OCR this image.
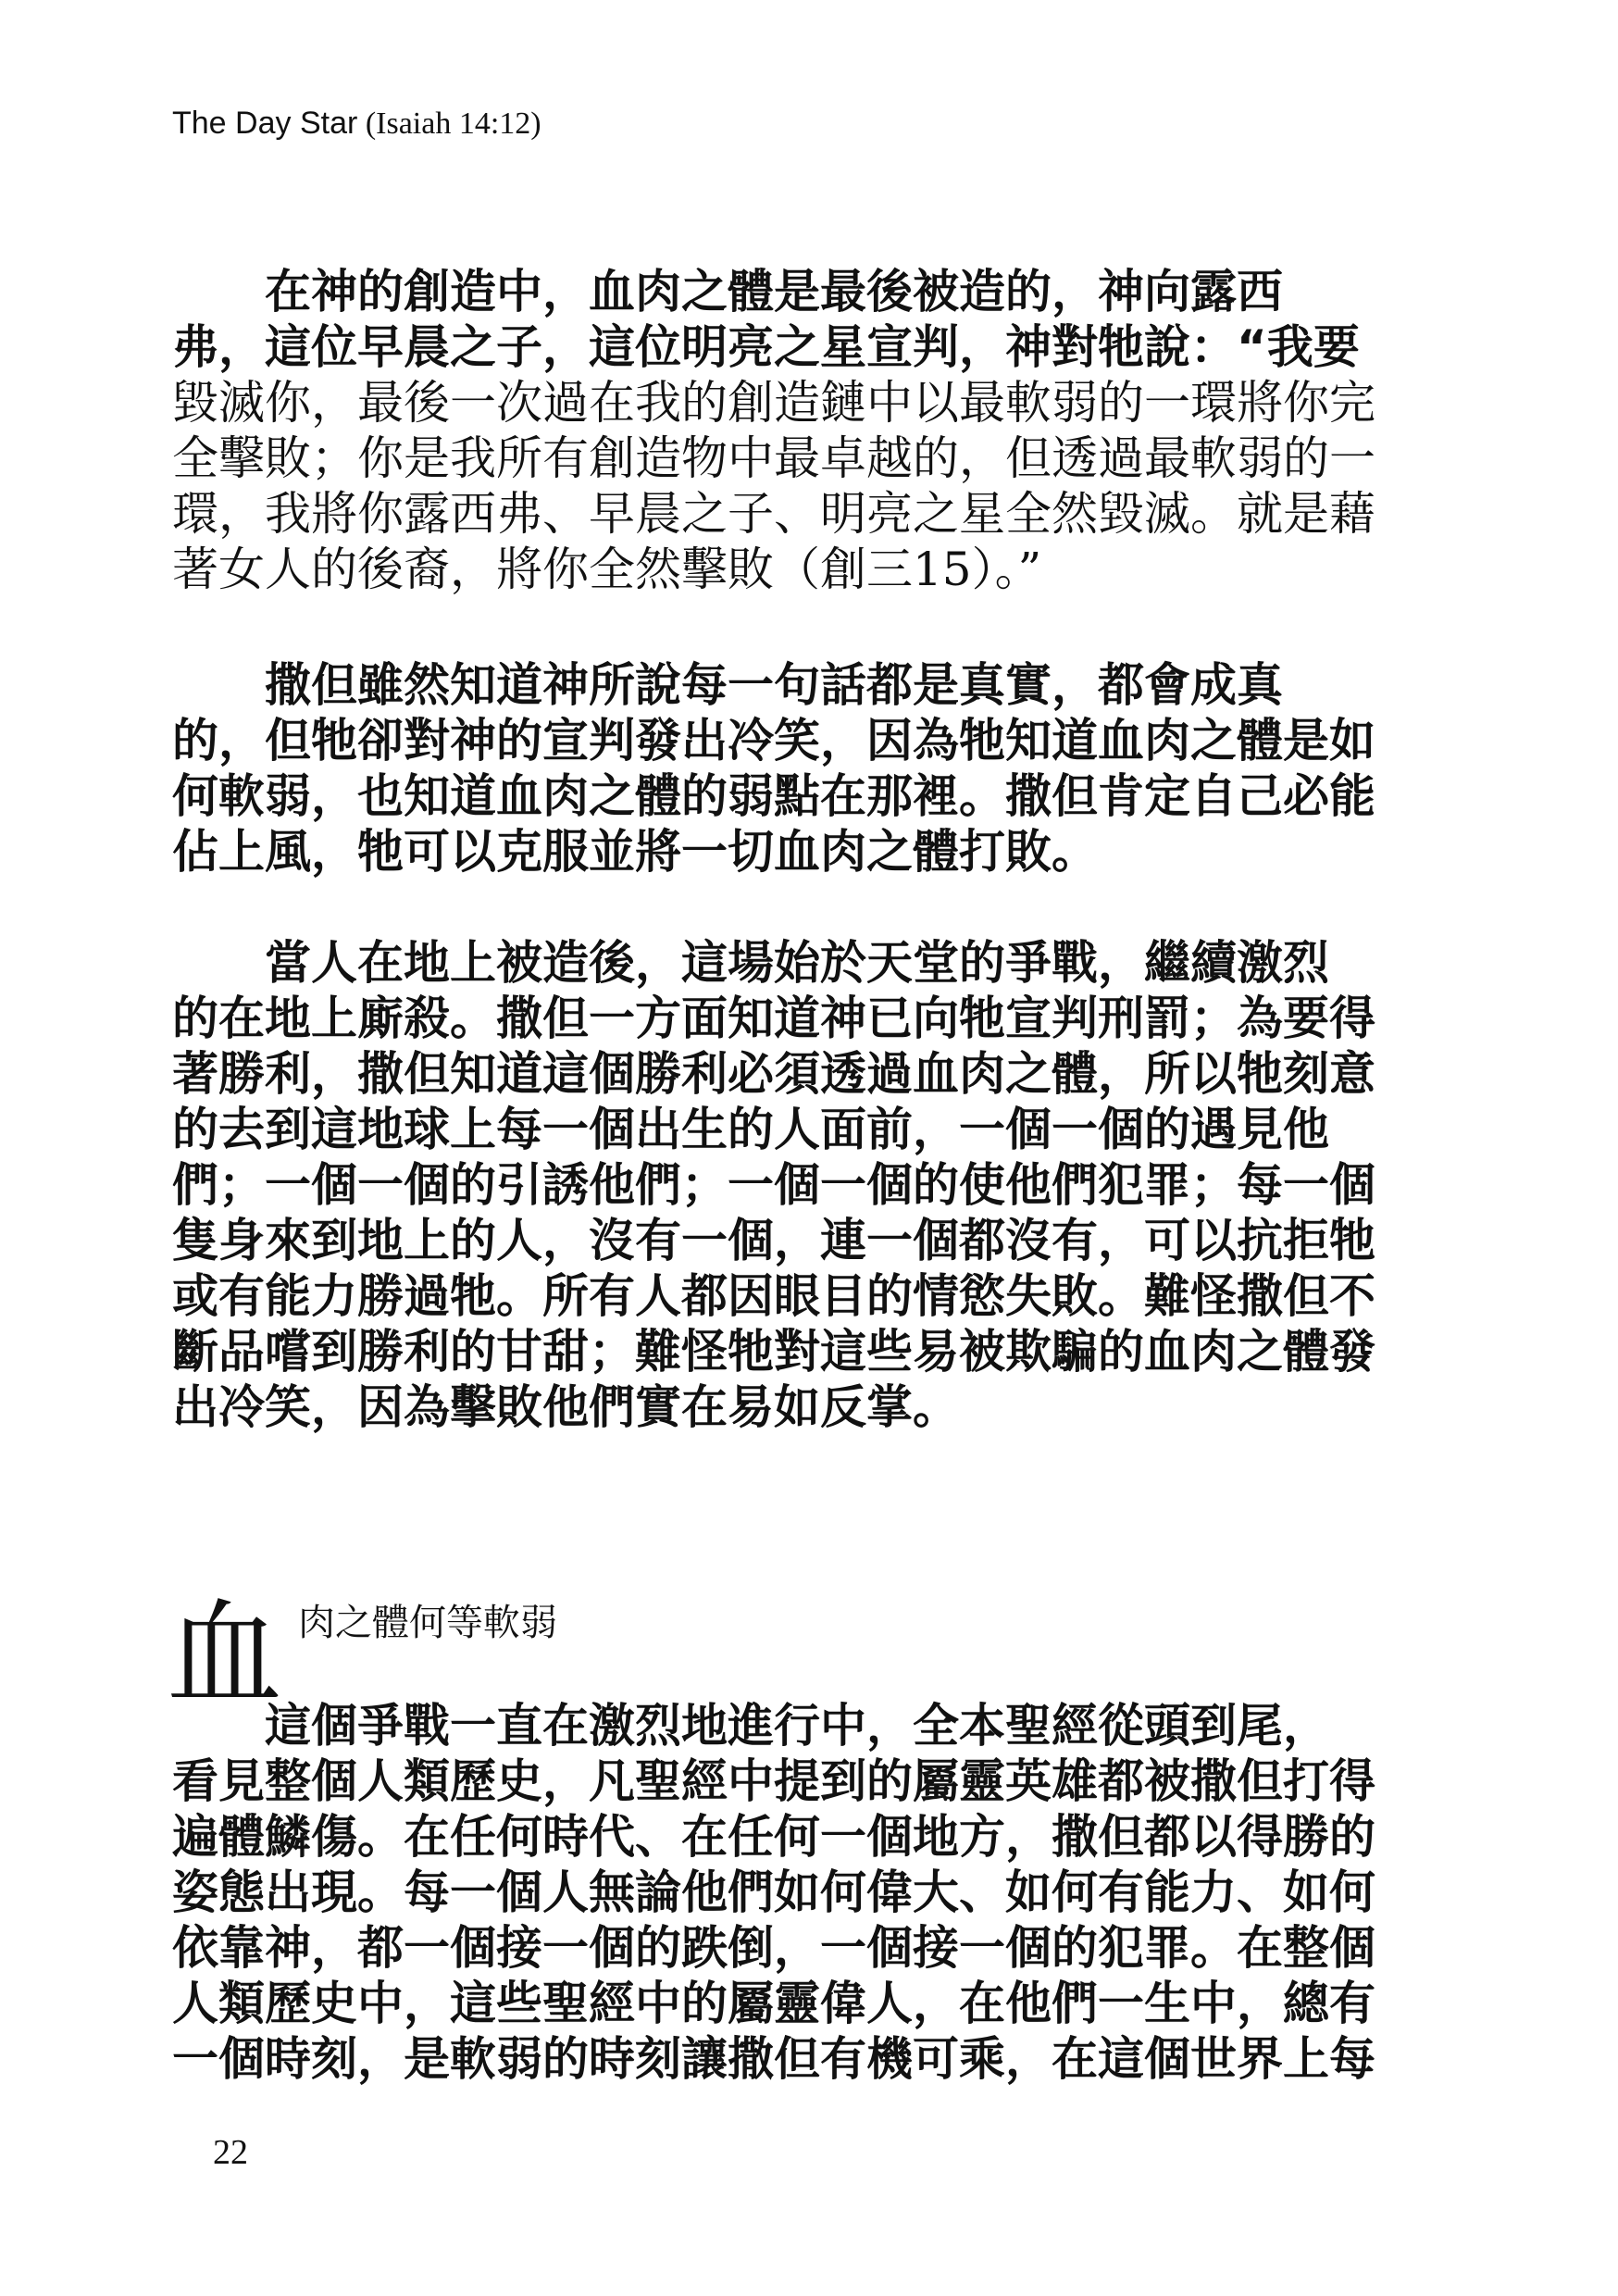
The Day Star (Isaiah 14:12)
　　在神的創造中，血肉之體是最後被造的，神向露西
弗，這位早晨之子，這位明亮之星宣判，神對牠說：“我要
毀滅你，最後一次過在我的創造鏈中以最軟弱的一環將你完
全擊敗；你是我所有創造物中最卓越的，但透過最軟弱的一
環，我將你露西弗、早晨之子、明亮之星全然毀滅。就是藉
著女人的後裔，將你全然擊敗（創三15）。”
　　撒但雖然知道神所說每一句話都是真實，都會成真
的，但牠卻對神的宣判發出冷笑，因為牠知道血肉之體是如
何軟弱，也知道血肉之體的弱點在那裡。撒但肯定自己必能
佔上風，牠可以克服並將一切血肉之體打敗。
　　當人在地上被造後，這場始於天堂的爭戰，繼續激烈
的在地上廝殺。撒但一方面知道神已向牠宣判刑罰；為要得
著勝利，撒但知道這個勝利必須透過血肉之體，所以牠刻意
的去到這地球上每一個出生的人面前，一個一個的遇見他
們；一個一個的引誘他們；一個一個的使他們犯罪；每一個
隻身來到地上的人，沒有一個，連一個都沒有，可以抗拒牠
或有能力勝過牠。所有人都因眼目的情慾失敗。難怪撒但不
斷品嚐到勝利的甘甜；難怪牠對這些易被欺騙的血肉之體發
出冷笑，因為擊敗他們實在易如反掌。
血 肉之體何等軟弱
　　這個爭戰一直在激烈地進行中，全本聖經從頭到尾，
看見整個人類歷史，凡聖經中提到的屬靈英雄都被撒但打得
遍體鱗傷。在任何時代、在任何一個地方，撒但都以得勝的
姿態出現。每一個人無論他們如何偉大、如何有能力、如何
依靠神，都一個接一個的跌倒，一個接一個的犯罪。在整個
人類歷史中，這些聖經中的屬靈偉人，在他們一生中，總有
一個時刻，是軟弱的時刻讓撒但有機可乘，在這個世界上每
22
